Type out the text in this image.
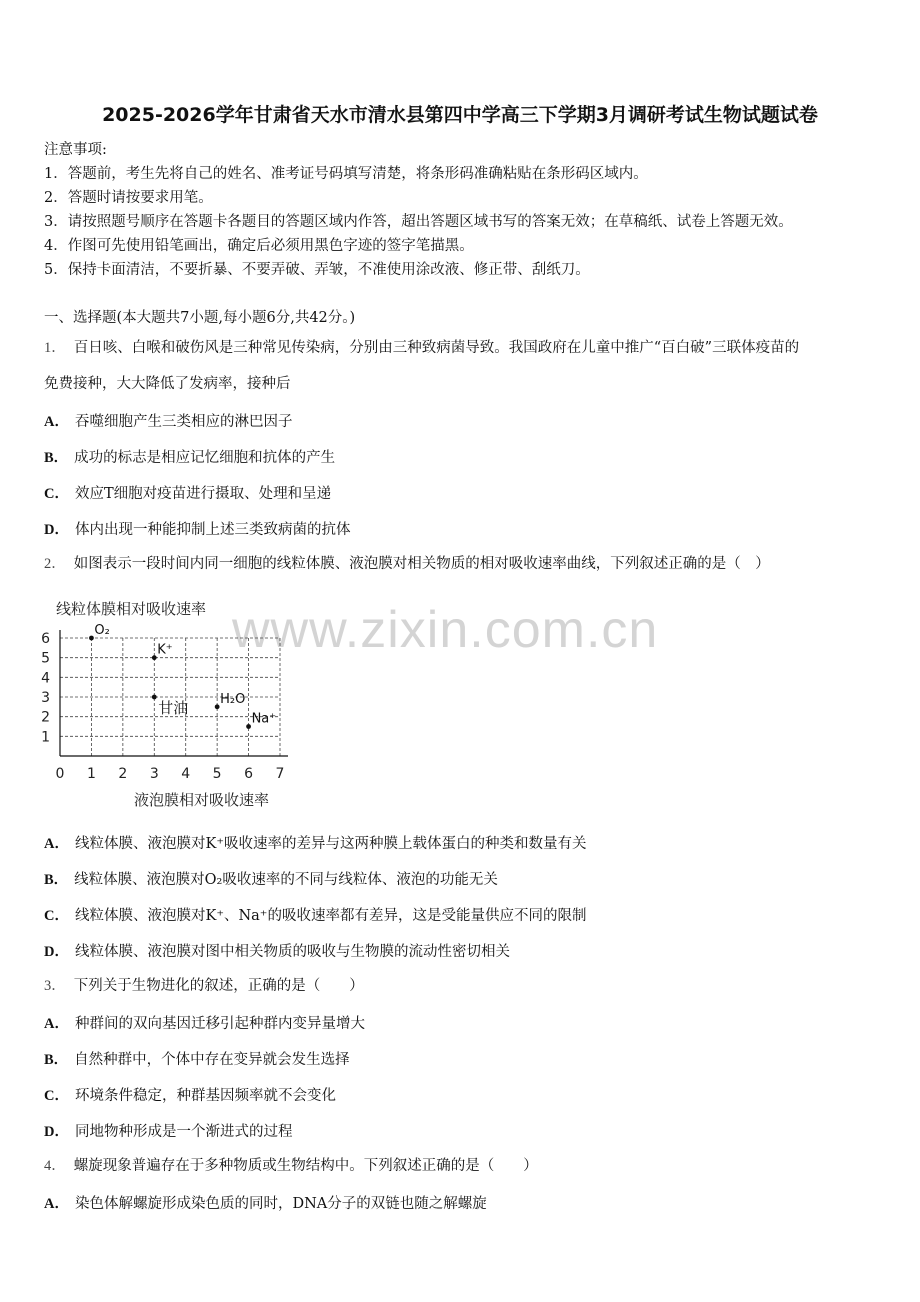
2025-2026学年甘肃省天水市清水县第四中学高三下学期3月调研考试生物试题试卷
注意事项:
1．答题前，考生先将自己的姓名、准考证号码填写清楚，将条形码准确粘贴在条形码区域内。
2．答题时请按要求用笔。
3．请按照题号顺序在答题卡各题目的答题区域内作答，超出答题区域书写的答案无效；在草稿纸、试卷上答题无效。
4．作图可先使用铅笔画出，确定后必须用黑色字迹的签字笔描黑。
5．保持卡面清洁，不要折暴、不要弄破、弄皱，不准使用涂改液、修正带、刮纸刀。
一、选择题(本大题共7小题,每小题6分,共42分。)
1． 百日咳、白喉和破伤风是三种常见传染病，分别由三种致病菌导致。我国政府在儿童中推广“百白破”三联体疫苗的
免费接种，大大降低了发病率，接种后
A． 吞噬细胞产生三类相应的淋巴因子
B． 成功的标志是相应记忆细胞和抗体的产生
C． 效应T细胞对疫苗进行摄取、处理和呈递
D． 体内出现一种能抑制上述三类致病菌的抗体
2． 如图表示一段时间内同一细胞的线粒体膜、液泡膜对相关物质的相对吸收速率曲线，下列叙述正确的是（　）
www.zixin.com.cn
线粒体膜相对吸收速率
0 1 2 3 4 5 6 7
1
2
3
4
5
6
O₂
K⁺
甘油 H₂O
Na⁺
液泡膜相对吸收速率
A． 线粒体膜、液泡膜对K⁺吸收速率的差异与这两种膜上载体蛋白的种类和数量有关
B． 线粒体膜、液泡膜对O₂吸收速率的不同与线粒体、液泡的功能无关
C． 线粒体膜、液泡膜对K⁺、Na⁺的吸收速率都有差异，这是受能量供应不同的限制
D． 线粒体膜、液泡膜对图中相关物质的吸收与生物膜的流动性密切相关
3． 下列关于生物进化的叙述，正确的是（　　）
A． 种群间的双向基因迁移引起种群内变异量增大
B． 自然种群中，个体中存在变异就会发生选择
C． 环境条件稳定，种群基因频率就不会变化
D． 同地物种形成是一个渐进式的过程
4． 螺旋现象普遍存在于多种物质或生物结构中。下列叙述正确的是（　　）
A． 染色体解螺旋形成染色质的同时，DNA分子的双链也随之解螺旋
